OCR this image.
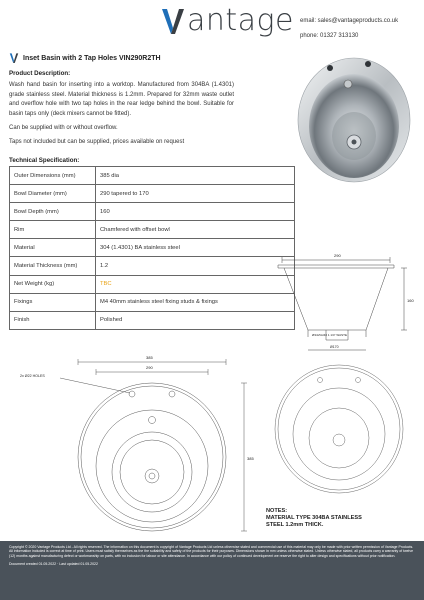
antage email: sales@vantageproducts.co.uk
phone: 01327 313130
Inset Basin with 2 Tap Holes VIN290R2TH
Product Description:
Wash hand basin for inserting into a worktop. Manufactured from 304BA (1.4301) grade stainless steel. Material thickness is 1.2mm. Prepared for 32mm waste outlet and overflow hole with two tap holes in the rear ledge behind the bowl. Suitable for basin taps only (deck mixers cannot be fitted).
Can be supplied with or without overflow.
Taps not included but can be supplied, prices available on request
Technical Specification:
Outer Dimensions (mm)	385 dia
Bowl Diameter (mm)	290 tapered to 170
Bowl Depth (mm)	160
Rim	Chamfered with offset bowl
Material	304 (1.4301) BA stainless steel
Material Thickness (mm)	1.2
Net Weight (kg)	TBC
Fixings	M4 40mm stainless steel fixing studs & fixings
Finish	Polished
290
160
Ø34x5A/40 1 1/4" WASTE
Ø170
2x Ø22 HOLES
385
290
385
NOTES:
MATERIAL TYPE 304BA STAINLESS
STEEL 1.2mm THICK.
Copyright © 2020 Vantage Products Ltd - All rights reserved. The information on this document is copyright of Vantage Products Ltd unless otherwise stated and commercial use of this material may only be made with prior written permission of Vantage Products. All information included is correct at time of print. Users must satisfy themselves as the the suitability and safety of the products for their purposes. Dimensions shown in mm unless otherwise stated. Unless otherwise stated, all products carry a warranty of twelve (12) months against manufacturing defect or workmanship on parts, with no inclusion for labour or site attendance. In accordance with our policy of continued development we reserve the right to alter design and specifications without prior notification.
Document created 01.05.2022 · Last updated 01.05.2022
